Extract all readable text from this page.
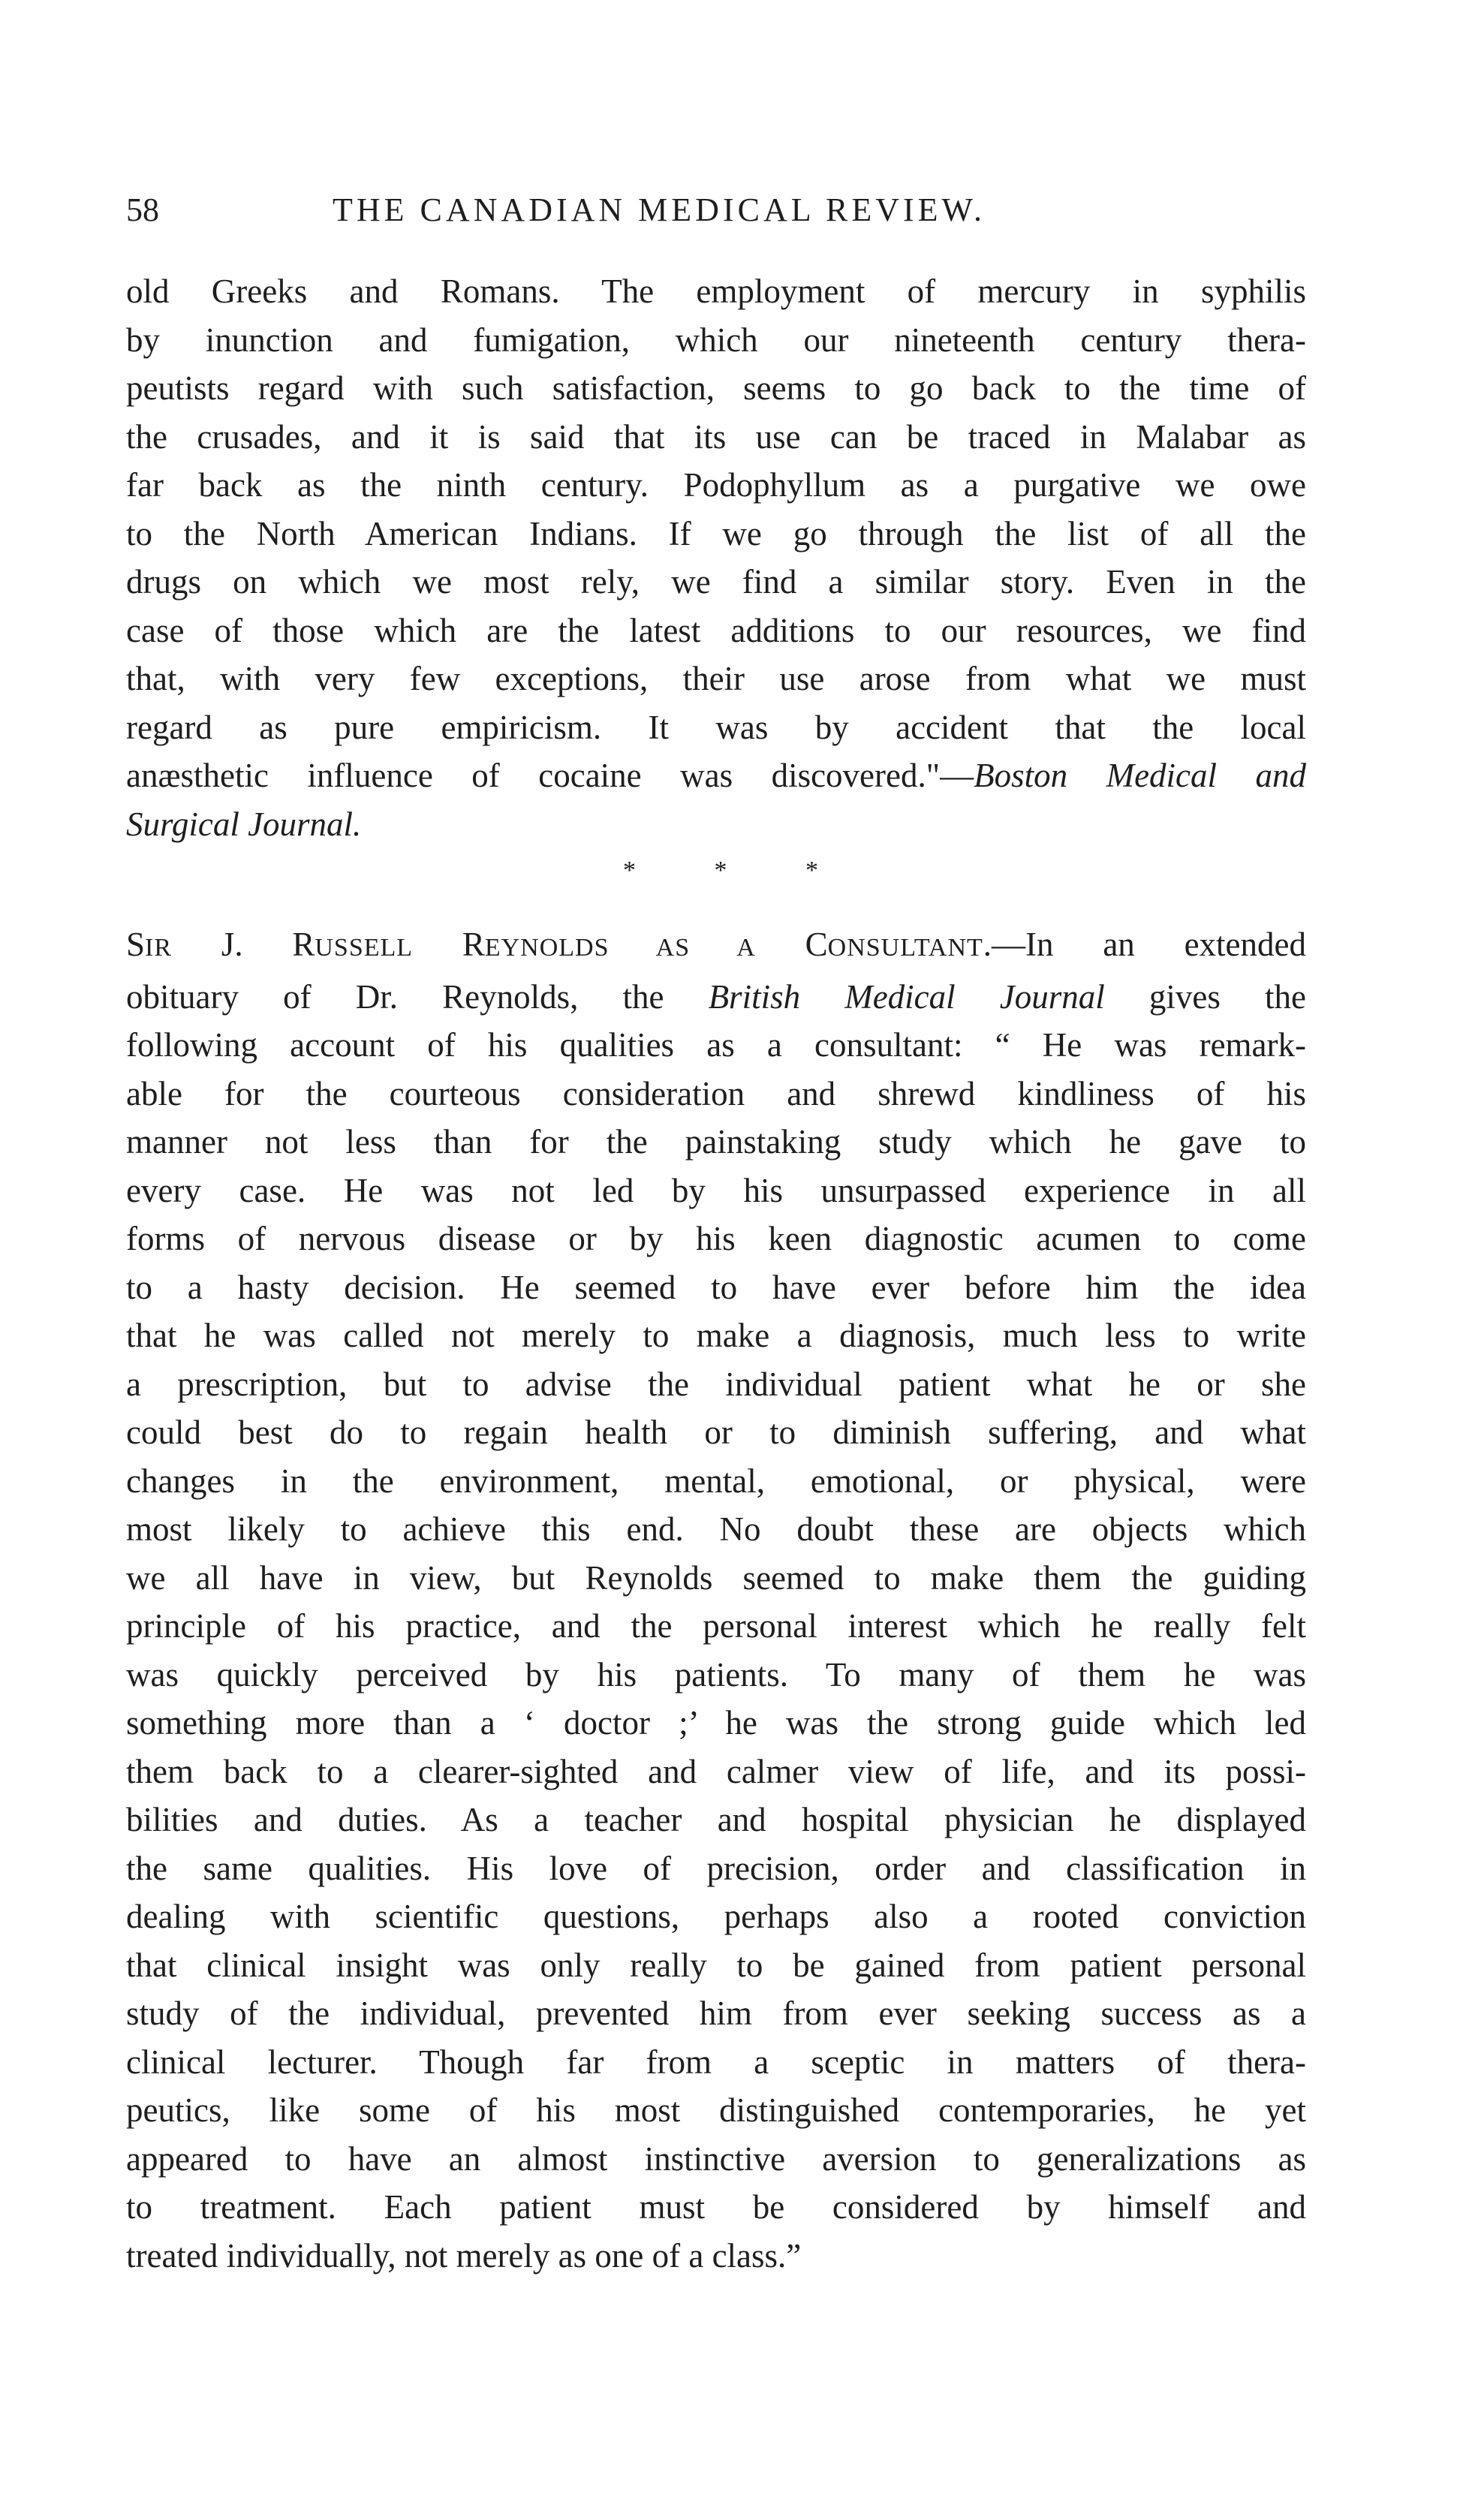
58	THE CANADIAN MEDICAL REVIEW.
old Greeks and Romans. The employment of mercury in syphilis
by inunction and fumigation, which our nineteenth century thera-
peutists regard with such satisfaction, seems to go back to the time of
the crusades, and it is said that its use can be traced in Malabar as
far back as the ninth century. Podophyllum as a purgative we owe
to the North American Indians. If we go through the list of all the
drugs on which we most rely, we find a similar story. Even in the
case of those which are the latest additions to our resources, we find
that, with very few exceptions, their use arose from what we must
regard as pure empiricism. It was by accident that the local
anæsthetic influence of cocaine was discovered."—Boston Medical and
Surgical Journal.
*	*	*
SIR J. RUSSELL REYNOLDS AS A CONSULTANT.—In an extended
obituary of Dr. Reynolds, the British Medical Journal gives the
following account of his qualities as a consultant: “ He was remark-
able for the courteous consideration and shrewd kindliness of his
manner not less than for the painstaking study which he gave to
every case. He was not led by his unsurpassed experience in all
forms of nervous disease or by his keen diagnostic acumen to come
to a hasty decision. He seemed to have ever before him the idea
that he was called not merely to make a diagnosis, much less to write
a prescription, but to advise the individual patient what he or she
could best do to regain health or to diminish suffering, and what
changes in the environment, mental, emotional, or physical, were
most likely to achieve this end. No doubt these are objects which
we all have in view, but Reynolds seemed to make them the guiding
principle of his practice, and the personal interest which he really felt
was quickly perceived by his patients. To many of them he was
something more than a ‘ doctor ;’ he was the strong guide which led
them back to a clearer-sighted and calmer view of life, and its possi-
bilities and duties. As a teacher and hospital physician he displayed
the same qualities. His love of precision, order and classification in
dealing with scientific questions, perhaps also a rooted conviction
that clinical insight was only really to be gained from patient personal
study of the individual, prevented him from ever seeking success as a
clinical lecturer. Though far from a sceptic in matters of thera-
peutics, like some of his most distinguished contemporaries, he yet
appeared to have an almost instinctive aversion to generalizations as
to treatment. Each patient must be considered by himself and
treated individually, not merely as one of a class.”
